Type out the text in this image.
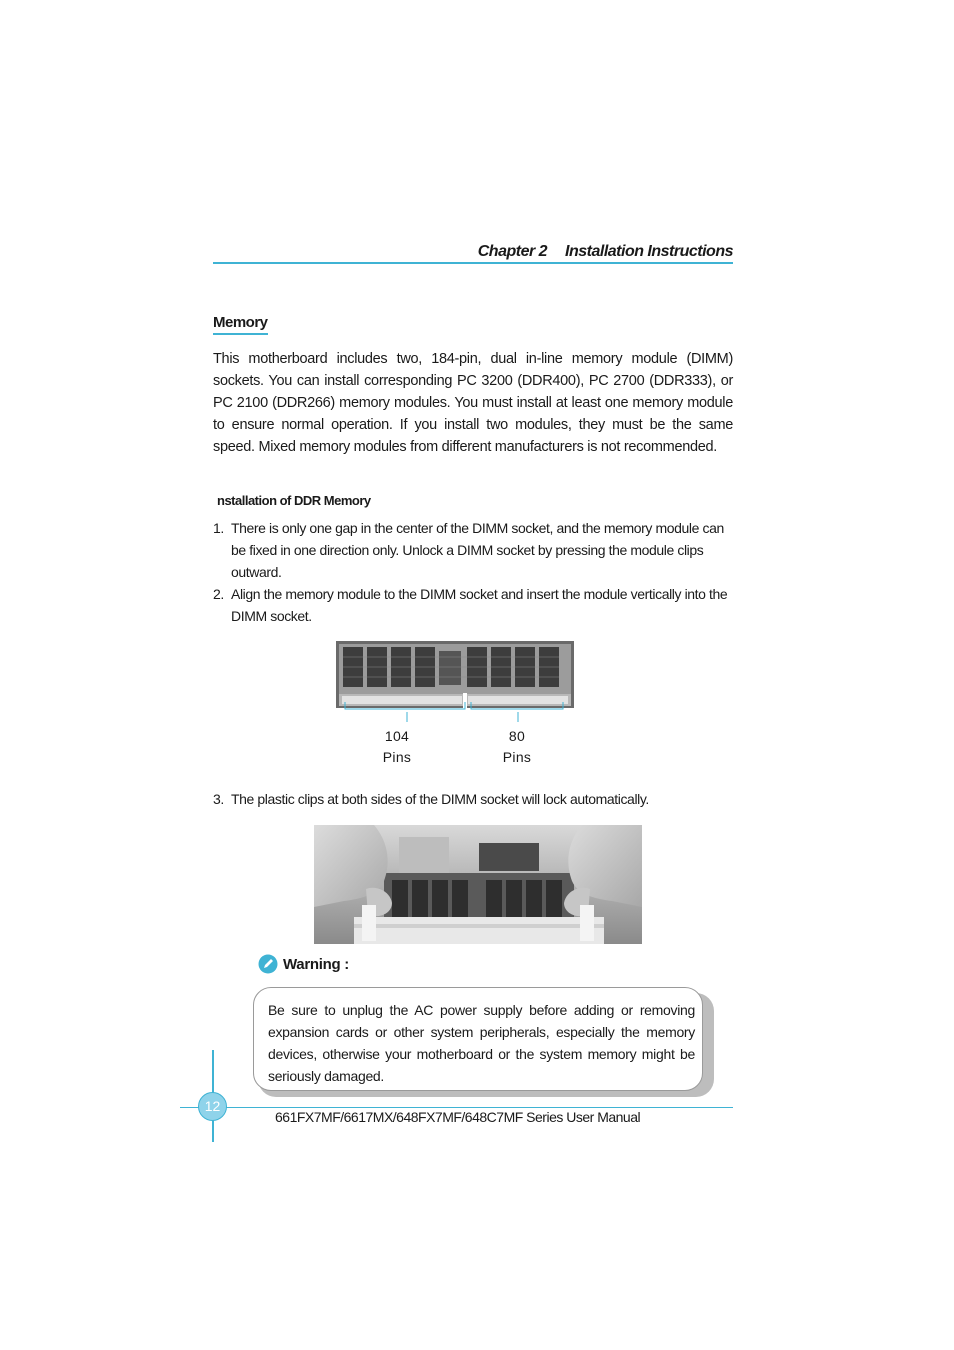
Chapter 2 Installation Instructions
Memory

This motherboard includes two, 184-pin, dual in-line memory module (DIMM) sockets. You can install corresponding PC 3200 (DDR400), PC 2700 (DDR333), or PC 2100 (DDR266) memory modules. You must install at least one memory module to ensure normal operation. If you install two modules, they must be the same speed. Mixed memory modules from different manufacturers is not recommended.

nstallation of DDR Memory
1. There is only one gap in the center of the DIMM socket, and the memory module can be fixed in one direction only. Unlock a DIMM socket by pressing the module clips outward.
2. Align the memory module to the DIMM socket and insert the module vertically into the DIMM socket.
104
Pins
80
Pins
3. The plastic clips at both sides of the DIMM socket will lock automatically.
Warning :

Be sure to unplug the AC power supply before adding or removing expansion cards or other system peripherals, especially the memory devices, otherwise your motherboard or the system memory might be seriously damaged.

12
661FX7MF/6617MX/648FX7MF/648C7MF Series User Manual
